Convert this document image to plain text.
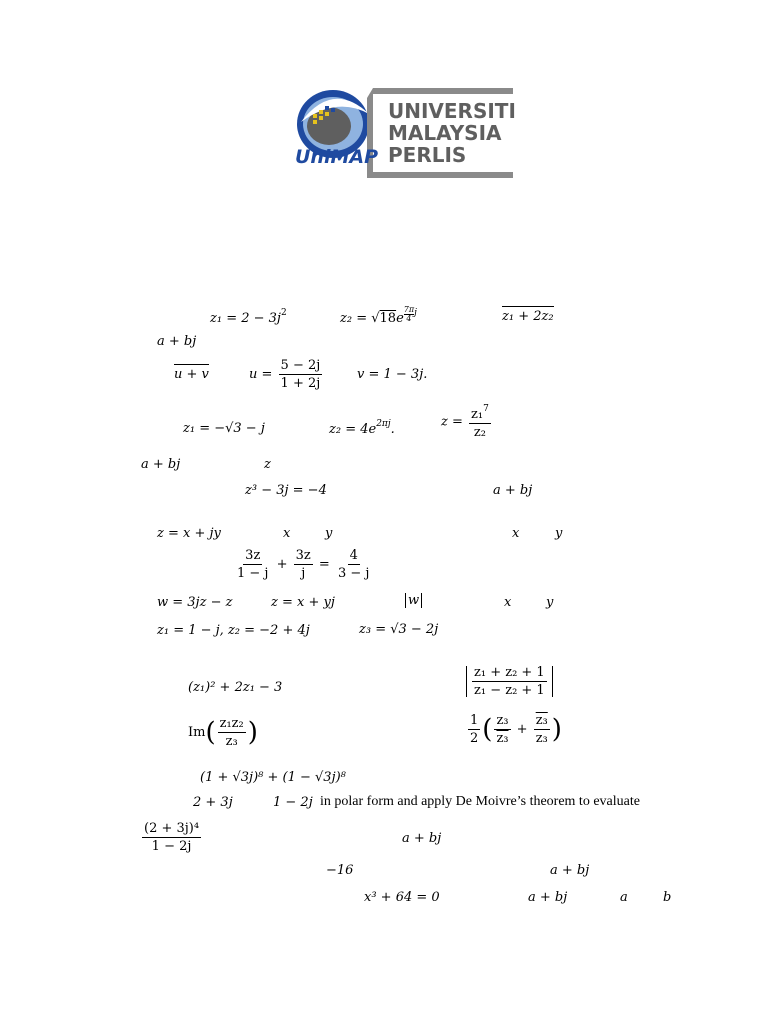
UNIVERSITI
MALAYSIA
PERLIS
UniMAP
$z_1 = 2 - 3j^2$	$z_2 = √18e \frac{7\pi}{4} ^j$	z₁ + 2z₂
a + bj
u + v	$u = \frac{5 - 2j}{1 + 2j}$	v = 1 − 3j.
z₁ = −√3 − j	$z_2 = 4e^{2\pi j}$.	$z = \frac{z_1^7}{\text{z₂}}$
a + bj	z
z³ − 3j = −4	a + bj
z = x + jy	x	y	x	y
$\frac{3z}{1 - j} + \frac{3z}{j} = \frac{4}{3 - j}$
w = 3jz − z	z = x + yj	w	x	y
z₁ = 1 − j, z₂ = −2 + 4j	z₃ = √3 − 2j
(z₁)² + 2z₁ − 3	$\frac{\text{z₁ + z₂ + 1}}{\text{z₁ − z₂ + 1}}$
$Im( \frac{\text{z₁z₂}}{\text{z₃}}$ )	$\frac{1}{2}$ ( $\frac{\text{z₃}}{\text{z₃}} + \frac{\text{z₃}}{\text{z₃}}$ )
(1 + √3j)⁸ + (1 − √3j)⁸
2 + 3j	1 − 2j in polar form and apply De Moivre’s theorem to evaluate
$\frac{\text{(2 + 3j)⁴}}{1 - 2j}$	a + bj
−16	a + bj
x³ + 64 = 0	a + bj	a	b
